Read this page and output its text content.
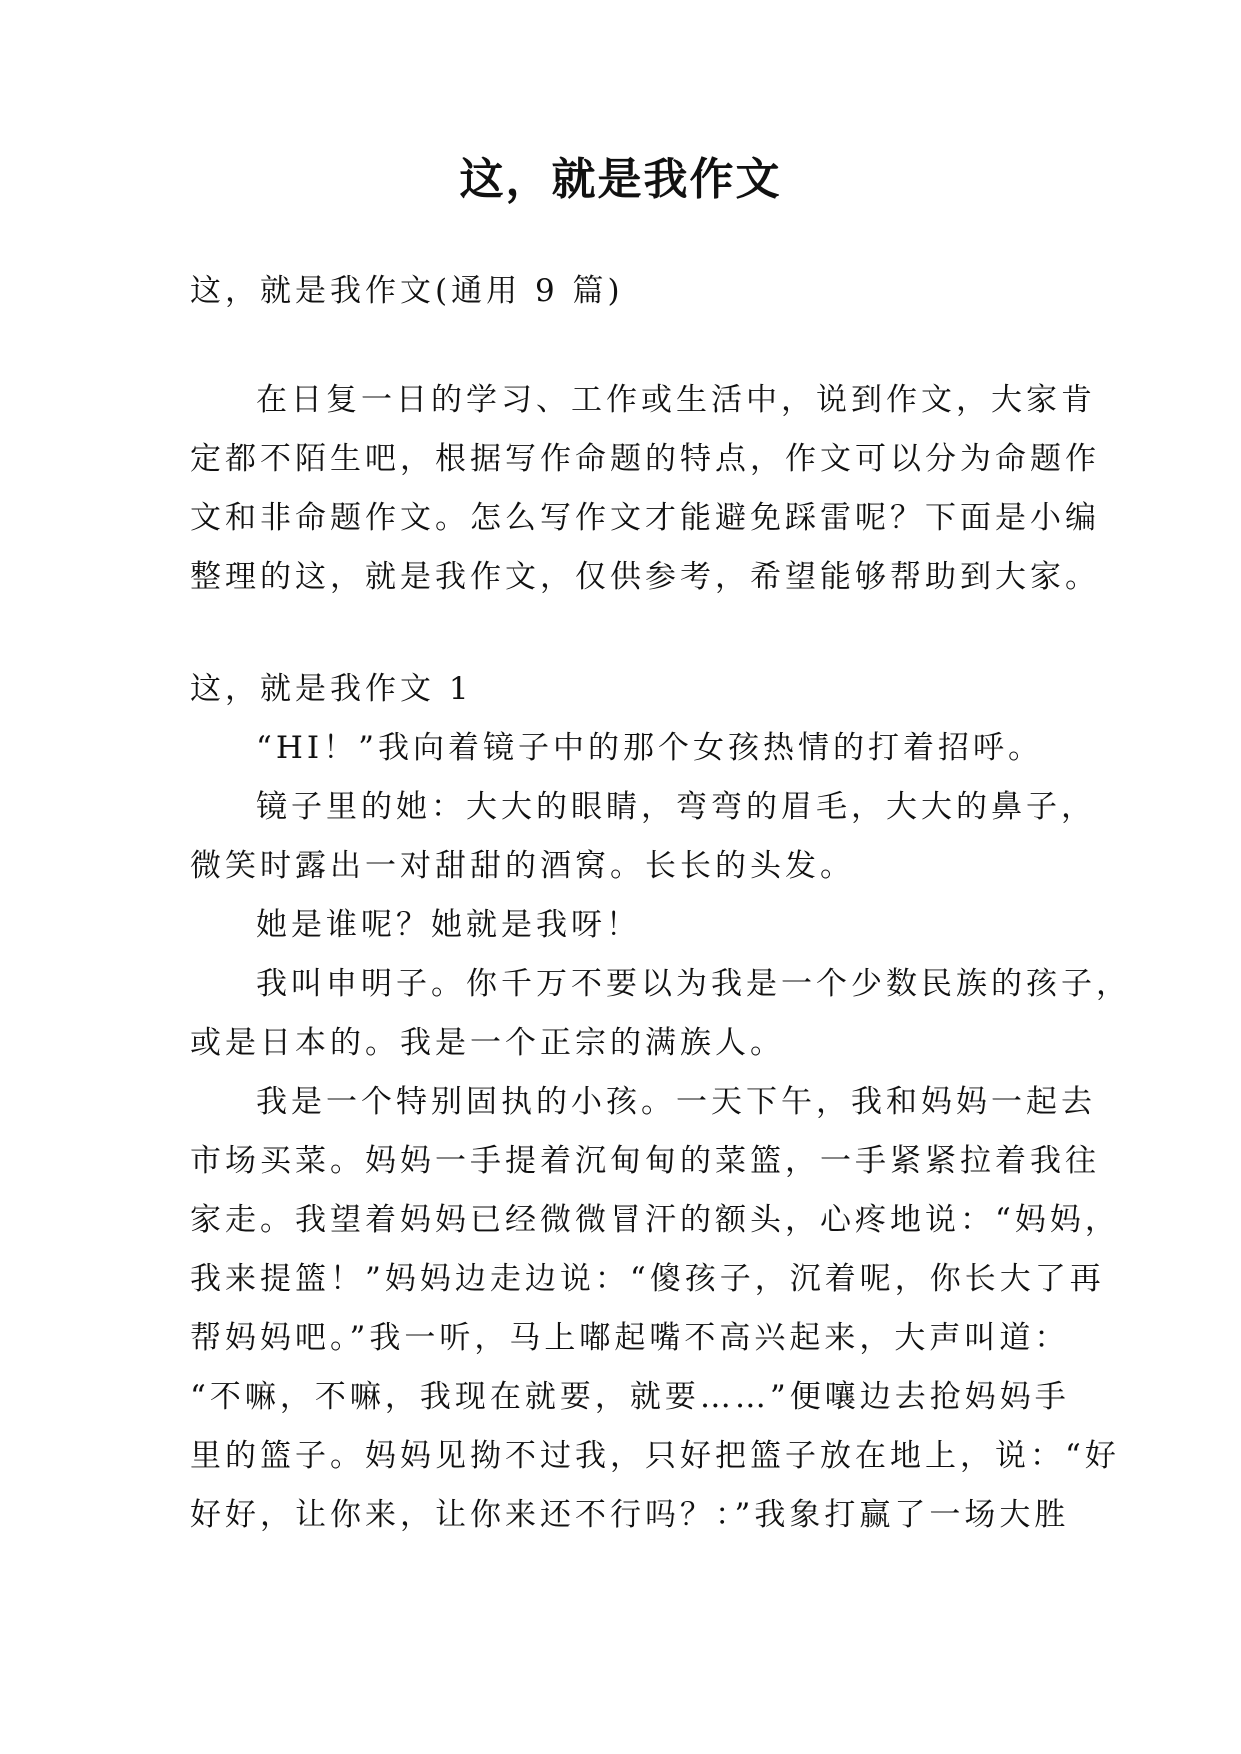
这，就是我作文
这，就是我作文(通用 9 篇)
在日复一日的学习、工作或生活中，说到作文，大家肯
定都不陌生吧，根据写作命题的特点，作文可以分为命题作
文和非命题作文。怎么写作文才能避免踩雷呢？下面是小编
整理的这，就是我作文，仅供参考，希望能够帮助到大家。
这，就是我作文 1
“HI！”我向着镜子中的那个女孩热情的打着招呼。
镜子里的她：大大的眼睛，弯弯的眉毛，大大的鼻子，
微笑时露出一对甜甜的酒窝。长长的头发。
她是谁呢？她就是我呀！
我叫申明子。你千万不要以为我是一个少数民族的孩子，
或是日本的。我是一个正宗的满族人。
我是一个特别固执的小孩。一天下午，我和妈妈一起去
市场买菜。妈妈一手提着沉甸甸的菜篮，一手紧紧拉着我往
家走。我望着妈妈已经微微冒汗的额头，心疼地说：“妈妈，
我来提篮！”妈妈边走边说：“傻孩子，沉着呢，你长大了再
帮妈妈吧。”我一听，马上嘟起嘴不高兴起来，大声叫道：
“不嘛，不嘛，我现在就要，就要……”便嚷边去抢妈妈手
里的篮子。妈妈见拗不过我，只好把篮子放在地上，说：“好
好好，让你来，让你来还不行吗？：”我象打赢了一场大胜
